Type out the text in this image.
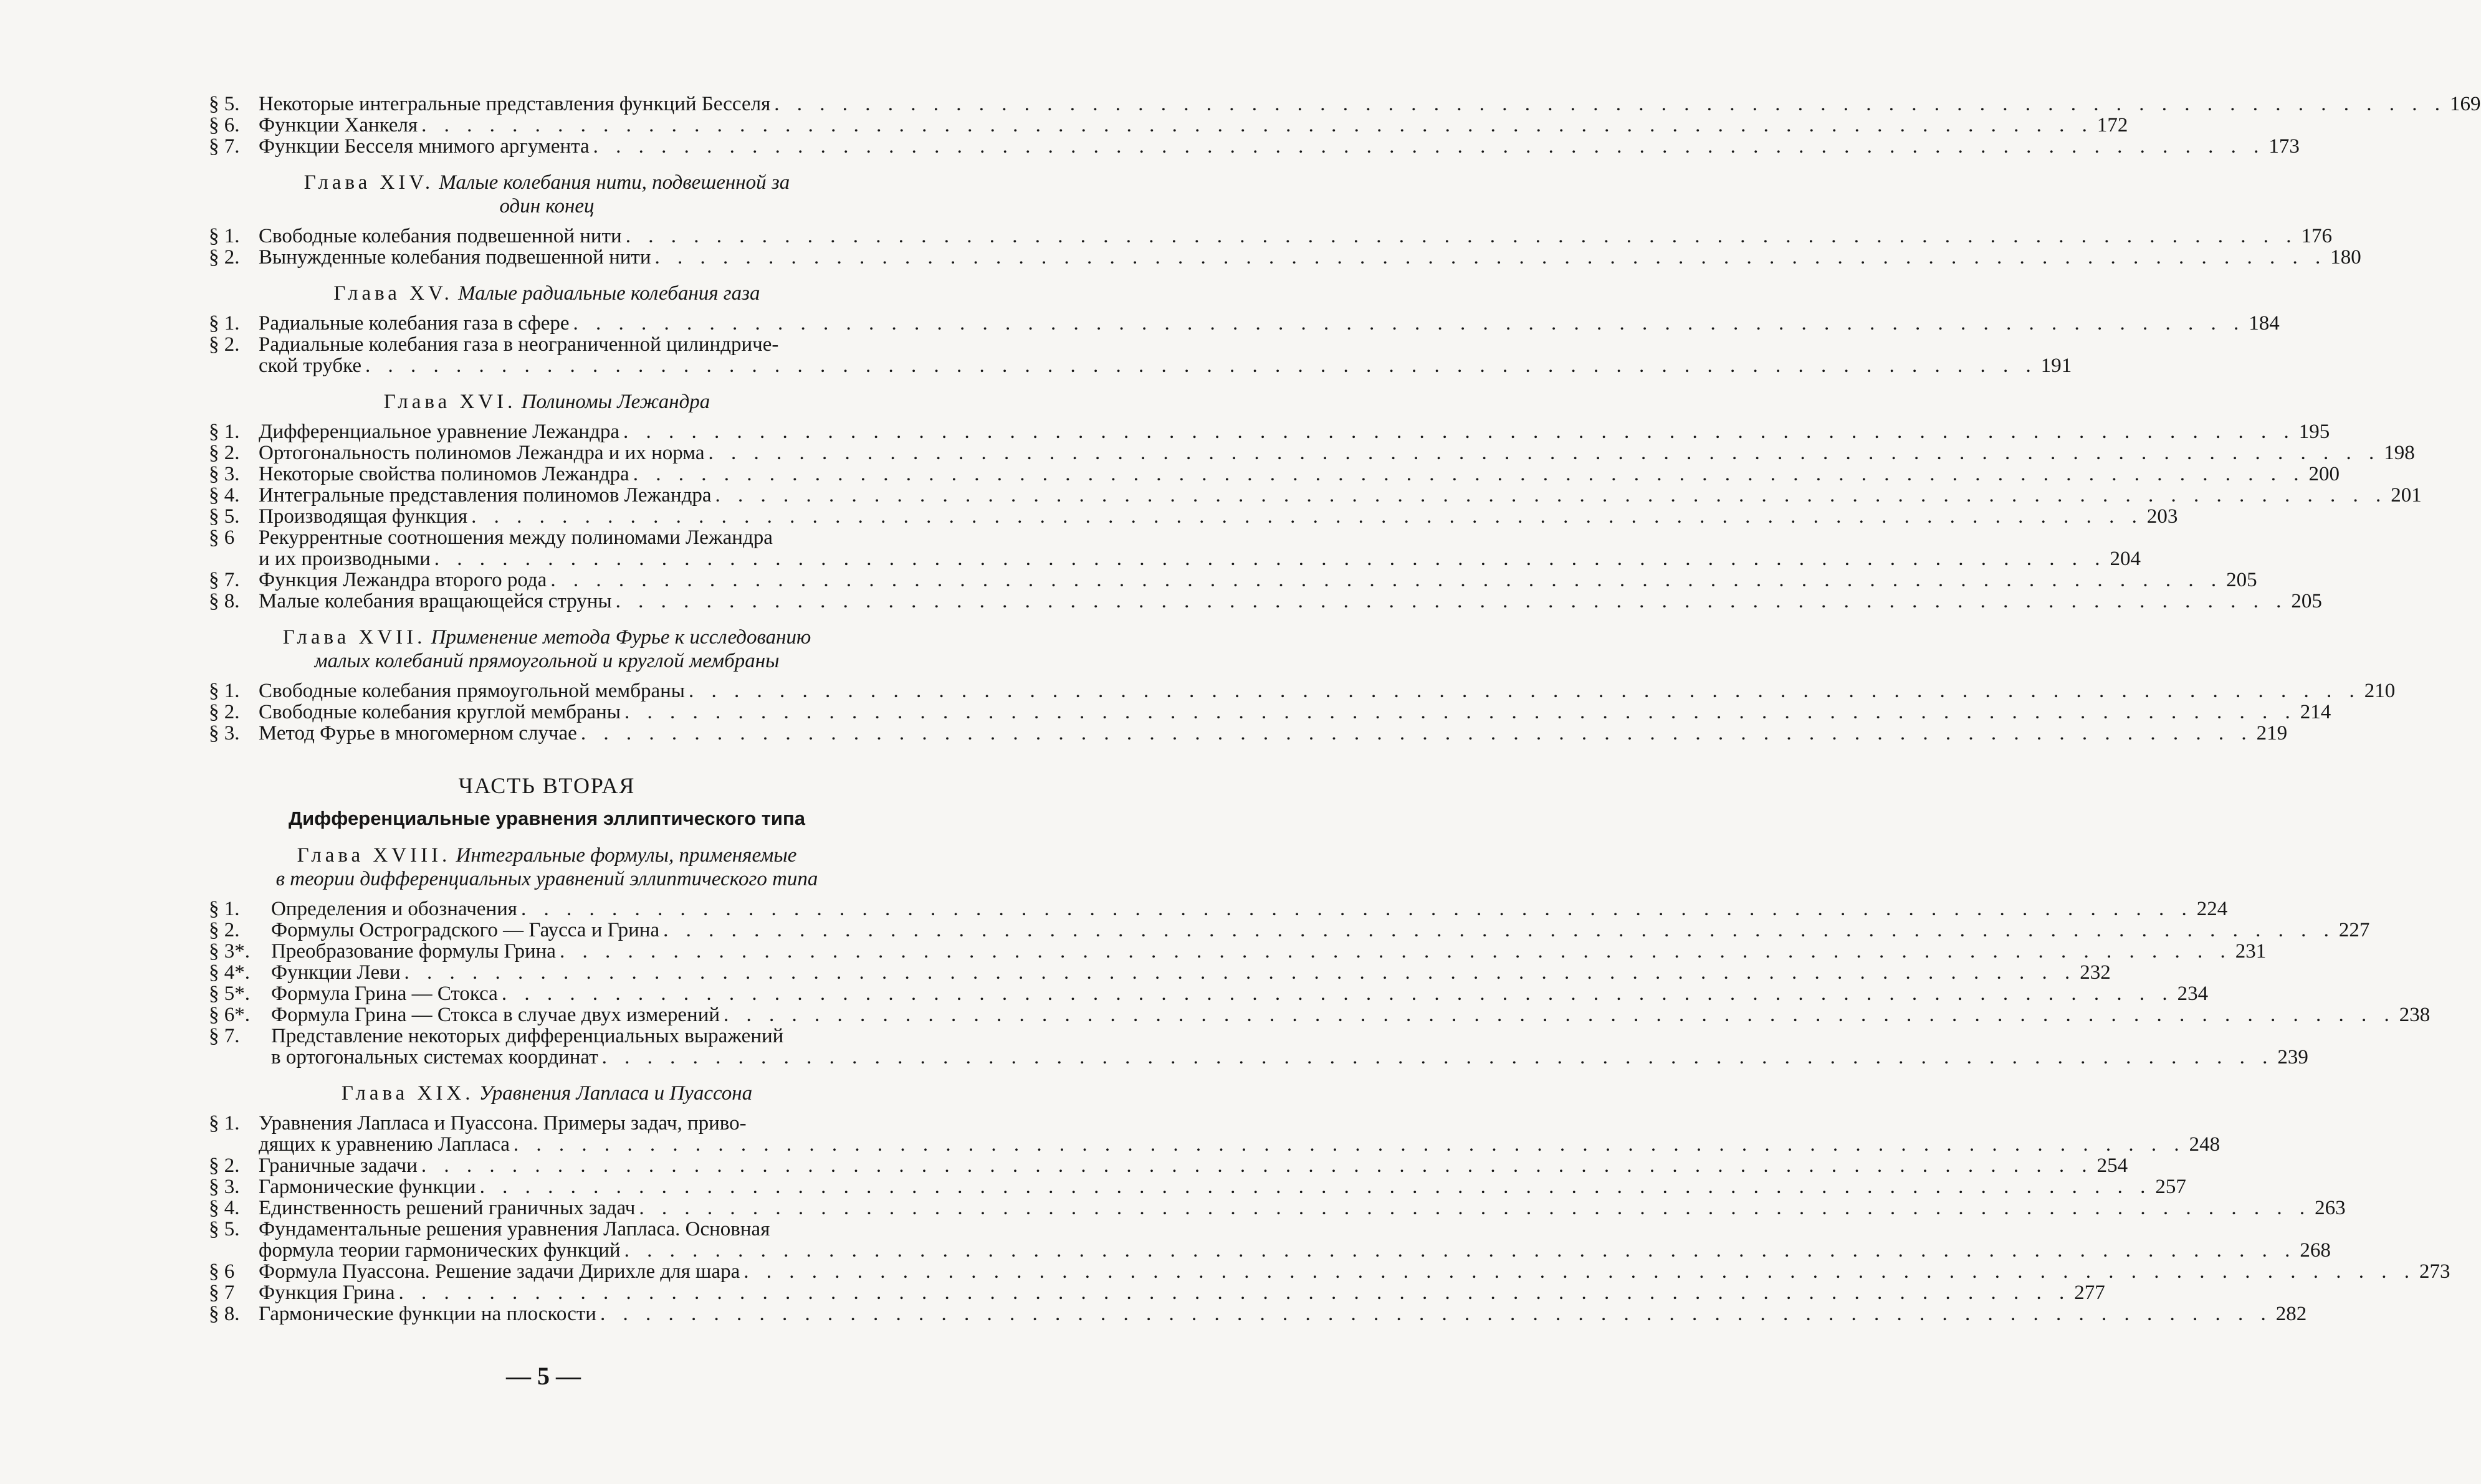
§ 5. Некоторые интегральные представления функций Бесселя . . .	169
§ 6. Функции Ханкеля . . .	172
§ 7. Функции Бесселя мнимого аргумента . . .	173
Глава XIV. Малые колебания нити, подвешенной за
один конец
§ 1. Свободные колебания подвешенной нити . . .	176
§ 2. Вынужденные колебания подвешенной нити . . .	180
Глава XV. Малые радиальные колебания газа
§ 1. Радиальные колебания газа в сфере . . .	184
§ 2. Радиальные колебания газа в неограниченной цилиндриче-
ской трубке . . .	191
Глава XVI. Полиномы Лежандра
§ 1. Дифференциальное уравнение Лежандра . . .	195
§ 2. Ортогональность полиномов Лежандра и их норма . . .	198
§ 3. Некоторые свойства полиномов Лежандра . . .	200
§ 4. Интегральные представления полиномов Лежандра . . .	201
§ 5. Производящая функция . . .	203
§ 6	Рекуррентные соотношения между полиномами Лежандра
и их производными . . .	204
§ 7. Функция Лежандра второго рода . . .	205
§ 8. Малые колебания вращающейся струны . . .	205
Глава XVII. Применение метода Фурье к исследованию
малых колебаний прямоугольной и круглой мембраны
§ 1. Свободные колебания прямоугольной мембраны . . .	210
§ 2. Свободные колебания круглой мембраны . . .	214
§ 3. Метод Фурье в многомерном случае . . .	219
ЧАСТЬ ВТОРАЯ
Дифференциальные уравнения эллиптического типа
Глава XVIII. Интегральные формулы, применяемые
в теории дифференциальных уравнений эллиптического типа
§ 1.	Определения и обозначения . . .	224
§ 2.	Формулы Остроградского — Гаусса и Грина . . .	227
§ 3*.	Преобразование формулы Грина . . .	231
§ 4*.	Функции Леви . . .	232
§ 5*.	Формула Грина — Стокса . . .	234
§ 6*.	Формула Грина — Стокса в случае двух измерений . . .	238
§ 7.	Представление некоторых дифференциальных выражений
в ортогональных системах координат . . .	239
Глава XIX. Уравнения Лапласа и Пуассона
§ 1. Уравнения Лапласа и Пуассона. Примеры задач, приво-
дящих к уравнению Лапласа . . .	248
§ 2. Граничные задачи . . .	254
§ 3. Гармонические функции . . .	257
§ 4. Единственность решений граничных задач . . .	263
§ 5. Фундаментальные решения уравнения Лапласа. Основная
формула теории гармонических функций . . .	268
§ 6	Формула Пуассона. Решение задачи Дирихле для шара . . .	273
§ 7	Функция Грина . . .	277
§ 8. Гармонические функции на плоскости . . .	282
— 5 —
